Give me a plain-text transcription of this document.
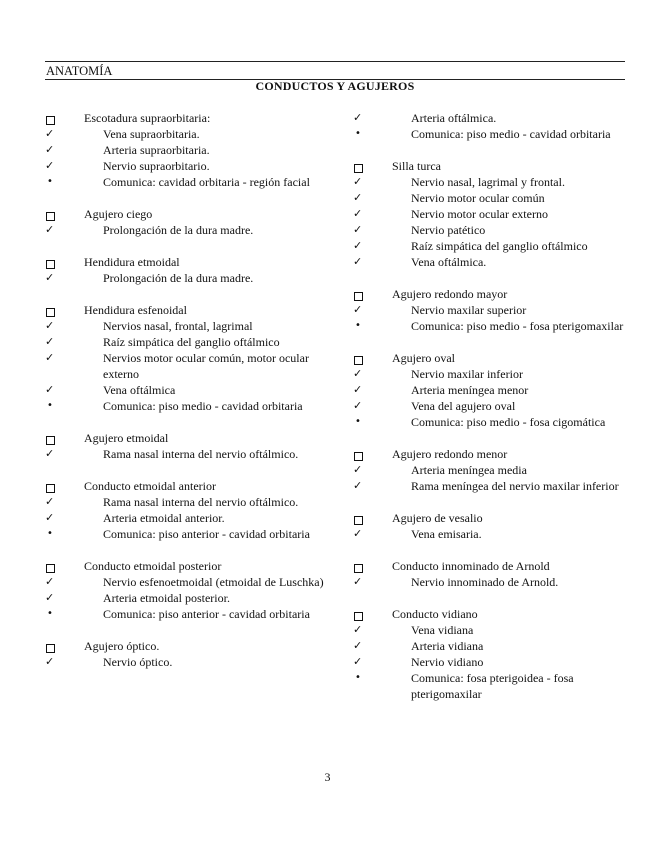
ANATOMÍA
CONDUCTOS Y AGUJEROS
Escotadura supraorbitaria:
✓	Vena supraorbitaria.
✓	Arteria supraorbitaria.
✓	Nervio supraorbitario.
•	Comunica: cavidad orbitaria - región facial
Agujero ciego
✓	Prolongación de la dura madre.
Hendidura etmoidal
✓	Prolongación de la dura madre.
Hendidura esfenoidal
✓	Nervios nasal, frontal, lagrimal
✓	Raíz simpática del ganglio oftálmico
✓	Nervios motor ocular común, motor ocular externo
✓	Vena oftálmica
•	Comunica: piso medio - cavidad orbitaria
Agujero etmoidal
✓	Rama nasal interna del nervio oftálmico.
Conducto etmoidal anterior
✓	Rama nasal interna del nervio oftálmico.
✓	Arteria etmoidal anterior.
•	Comunica: piso anterior - cavidad orbitaria
Conducto etmoidal posterior
✓	Nervio esfenoetmoidal (etmoidal de Luschka)
✓	Arteria etmoidal posterior.
•	Comunica: piso anterior - cavidad orbitaria
Agujero óptico.
✓	Nervio óptico.
✓	Arteria oftálmica.
•	Comunica: piso medio - cavidad orbitaria
Silla turca
✓	Nervio nasal, lagrimal y frontal.
✓	Nervio motor ocular común
✓	Nervio motor ocular externo
✓	Nervio patético
✓	Raíz simpática del ganglio oftálmico
✓	Vena oftálmica.
Agujero redondo mayor
✓	Nervio maxilar superior
•	Comunica: piso medio - fosa pterigomaxilar
Agujero oval
✓	Nervio maxilar inferior
✓	Arteria meníngea menor
✓	Vena del agujero oval
•	Comunica: piso medio - fosa cigomática
Agujero redondo menor
✓	Arteria meníngea media
✓	Rama meníngea del nervio maxilar inferior
Agujero de vesalio
✓	Vena emisaria.
Conducto innominado de Arnold
✓	Nervio innominado de Arnold.
Conducto vidiano
✓	Vena vidiana
✓	Arteria vidiana
✓	Nervio vidiano
•	Comunica: fosa pterigoidea - fosa pterigomaxilar
3
